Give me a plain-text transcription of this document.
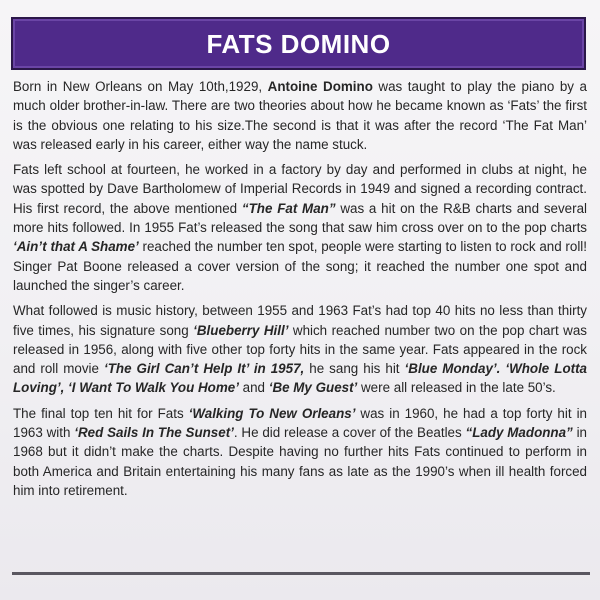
FATS DOMINO

Born in New Orleans on May 10th,1929, Antoine Domino was taught to play the piano by a much older brother-in-law. There are two theories about how he became known as ‘Fats’ the first is the obvious one relating to his size.The second is that it was after the record ‘The Fat Man’ was released early in his career, either way the name stuck.

Fats left school at fourteen, he worked in a factory by day and performed in clubs at night, he was spotted by Dave Bartholomew of Imperial Records in 1949 and signed a recording contract. His first record, the above mentioned “The Fat Man” was a hit on the R&B charts and several more hits followed. In 1955 Fat’s released the song that saw him cross over on to the pop charts ‘Ain’t that A Shame’ reached the number ten spot, people were starting to listen to rock and roll! Singer Pat Boone released a cover version of the song; it reached the number one spot and launched the singer’s career.

What followed is music history, between 1955 and 1963 Fat’s had top 40 hits no less than thirty five times, his signature song ‘Blueberry Hill’ which reached number two on the pop chart was released in 1956, along with five other top forty hits in the same year. Fats appeared in the rock and roll movie ‘The Girl Can’t Help It’ in 1957, he sang his hit ‘Blue Monday’. ‘Whole Lotta Loving’, ‘I Want To Walk You Home’ and ‘Be My Guest’ were all released in the late 50’s.

The final top ten hit for Fats ‘Walking To New Orleans’ was in 1960, he had a top forty hit in 1963 with ‘Red Sails In The Sunset’. He did release a cover of the Beatles “Lady Madonna” in 1968 but it didn’t make the charts. Despite having no further hits Fats continued to perform in both America and Britain entertaining his many fans as late as the 1990’s when ill health forced him into retirement.
